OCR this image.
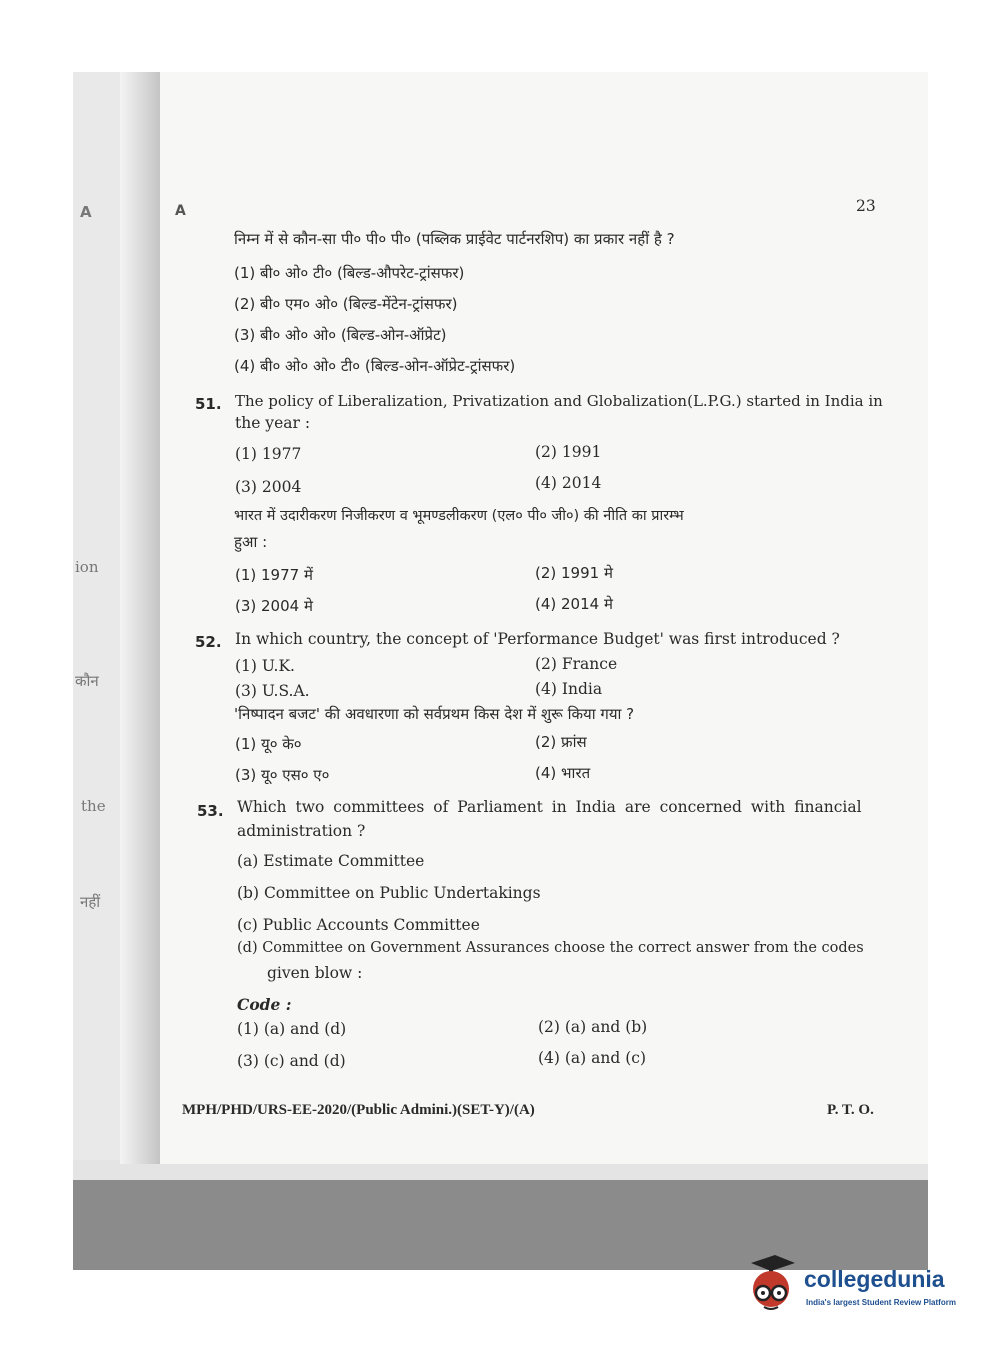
A
ion
कौन
the
नहीं
A	23
निम्न में से कौन-सा पी० पी० पी० (पब्लिक प्राईवेट पार्टनरशिप) का प्रकार नहीं है ?
(1) बी० ओ० टी० (बिल्ड-औपरेट-ट्रांसफर)
(2) बी० एम० ओ० (बिल्ड-मेंटेन-ट्रांसफर)
(3) बी० ओ० ओ० (बिल्ड-ओन-ऑप्रेट)
(4) बी० ओ० ओ० टी० (बिल्ड-ओन-ऑप्रेट-ट्रांसफर)
51. The policy of Liberalization, Privatization and Globalization(L.P.G.) started in India in
the year :
(1) 1977	(2) 1991
(3) 2004	(4) 2014
भारत में उदारीकरण निजीकरण व भूमण्डलीकरण (एल० पी० जी०) की नीति का प्रारम्भ
हुआ :
(1) 1977 में	(2) 1991 मे
(3) 2004 मे	(4) 2014 मे
52. In which country, the concept of 'Performance Budget' was first introduced ?
(1) U.K.	(2) France
(3) U.S.A.	(4) India
'निष्पादन बजट' की अवधारणा को सर्वप्रथम किस देश में शुरू किया गया ?
(1) यू० के०	(2) फ्रांस
(3) यू० एस० ए०	(4) भारत
53. Which two committees of Parliament in India are concerned with financial
administration ?
(a) Estimate Committee
(b) Committee on Public Undertakings
(c) Public Accounts Committee
(d) Committee on Government Assurances choose the correct answer from the codes
given blow :
Code :
(1) (a) and (d)	(2) (a) and (b)
(3) (c) and (d)	(4) (a) and (c)
MPH/PHD/URS-EE-2020/(Public Admini.)(SET-Y)/(A)	P. T. O.
collegedunia
India's largest Student Review Platform
